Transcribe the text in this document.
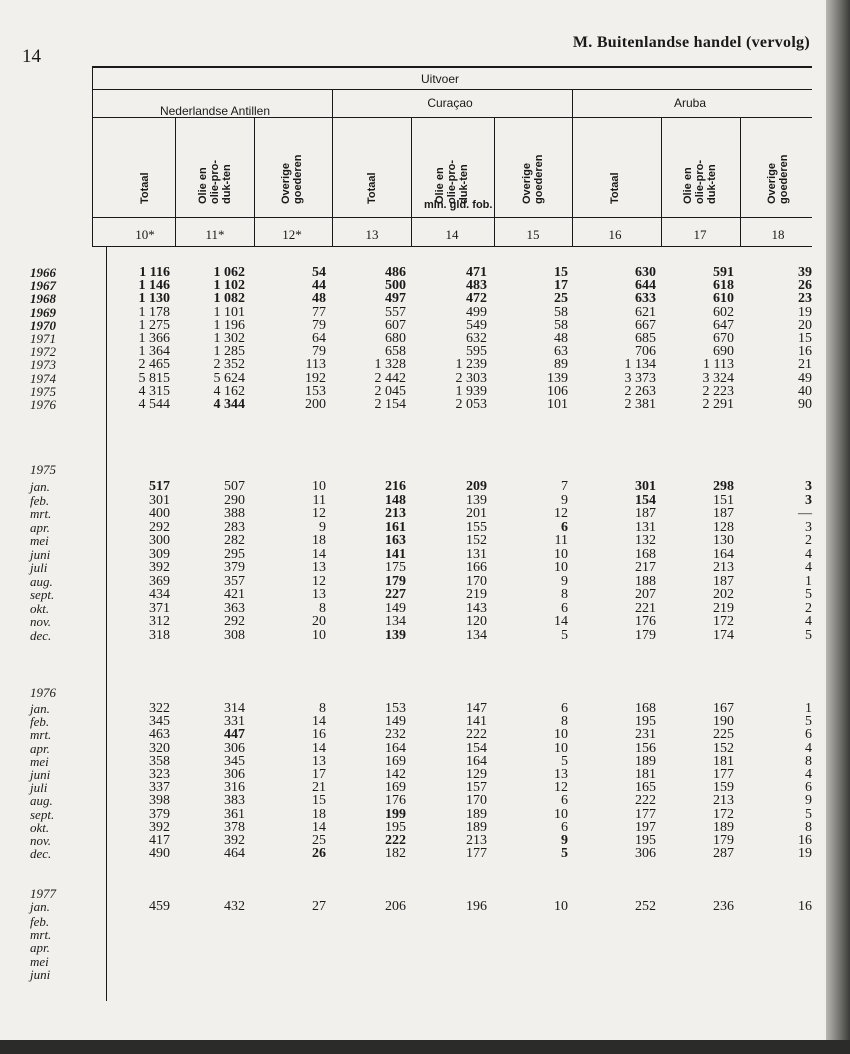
14
M. Buitenlandse handel (vervolg)
Uitvoer
Nederlandse Antillen
Curaçao	Aruba
mln. gld. fob.
Totaal
10*
Olie en
olie-pro-
duk-ten
11*
Overige
goederen
12*
Totaal
13
Olie en
olie-pro-
duk-ten
14
Overige
goederen
15
Totaal
16
Olie en
olie-pro-
duk-ten
17
Overige
goederen
18
1966	1 116	1 062	54	486	471	15	630	591	39
1967	1 146	1 102	44	500	483	17	644	618	26
1968	1 130	1 082	48	497	472	25	633	610	23
1969	1 178	1 101	77	557	499	58	621	602	19
1970	1 275	1 196	79	607	549	58	667	647	20
1971	1 366	1 302	64	680	632	48	685	670	15
1972	1 364	1 285	79	658	595	63	706	690	16
1973	2 465	2 352	113	1 328	1 239	89	1 134	1 113	21
1974	5 815	5 624	192	2 442	2 303	139	3 373	3 324	49
1975	4 315	4 162	153	2 045	1 939	106	2 263	2 223	40
1976	4 544	4 344	200	2 154	2 053	101	2 381	2 291	90
1975
jan.	517	507	10	216	209	7	301	298	3
feb.	301	290	11	148	139	9	154	151	3
mrt.	400	388	12	213	201	12	187	187	—
apr.	292	283	9	161	155	6	131	128	3
mei	300	282	18	163	152	11	132	130	2
juni	309	295	14	141	131	10	168	164	4
juli	392	379	13	175	166	10	217	213	4
aug.	369	357	12	179	170	9	188	187	1
sept.	434	421	13	227	219	8	207	202	5
okt.	371	363	8	149	143	6	221	219	2
nov.	312	292	20	134	120	14	176	172	4
dec.	318	308	10	139	134	5	179	174	5
1976
jan.	322	314	8	153	147	6	168	167	1
feb.	345	331	14	149	141	8	195	190	5
mrt.	463	447	16	232	222	10	231	225	6
apr.	320	306	14	164	154	10	156	152	4
mei	358	345	13	169	164	5	189	181	8
juni	323	306	17	142	129	13	181	177	4
juli	337	316	21	169	157	12	165	159	6
aug.	398	383	15	176	170	6	222	213	9
sept.	379	361	18	199	189	10	177	172	5
okt.	392	378	14	195	189	6	197	189	8
nov.	417	392	25	222	213	9	195	179	16
dec.	490	464	26	182	177	5	306	287	19
1977
jan.	459	432	27	206	196	10	252	236	16
feb.
mrt.
apr.
mei
juni
